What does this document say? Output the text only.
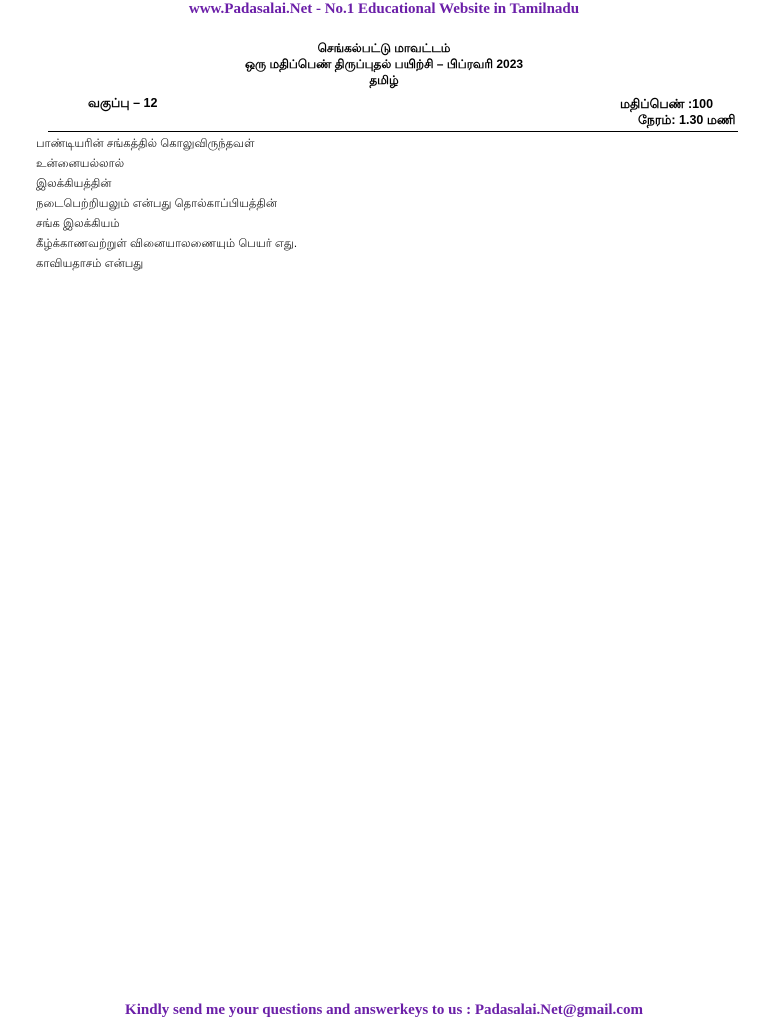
www.Padasalai.Net - No.1 Educational Website in Tamilnadu
செங்கல்பட்டு மாவட்டம்
ஒரு மதிப்பெண் திருப்புதல் பயிற்சி – பிப்ரவரி 2023
தமிழ்
வகுப்பு – 12	மதிப்பெண் :100
நேரம்: 1.30 மணி
பாண்டியரின் சங்கத்தில் கொலுவிருந்தவள்
உன்னையல்லால்
இலக்கியத்தின்
நடைபெற்றியலும் என்பது தொல்காப்பியத்தின்
சங்க இலக்கியம்
கீழ்க்காணவற்றுள் வினையாலணையும் பெயர் எது.
காவியதாசம் என்பது
Kindly send me your questions and answerkeys to us : Padasalai.Net@gmail.com
